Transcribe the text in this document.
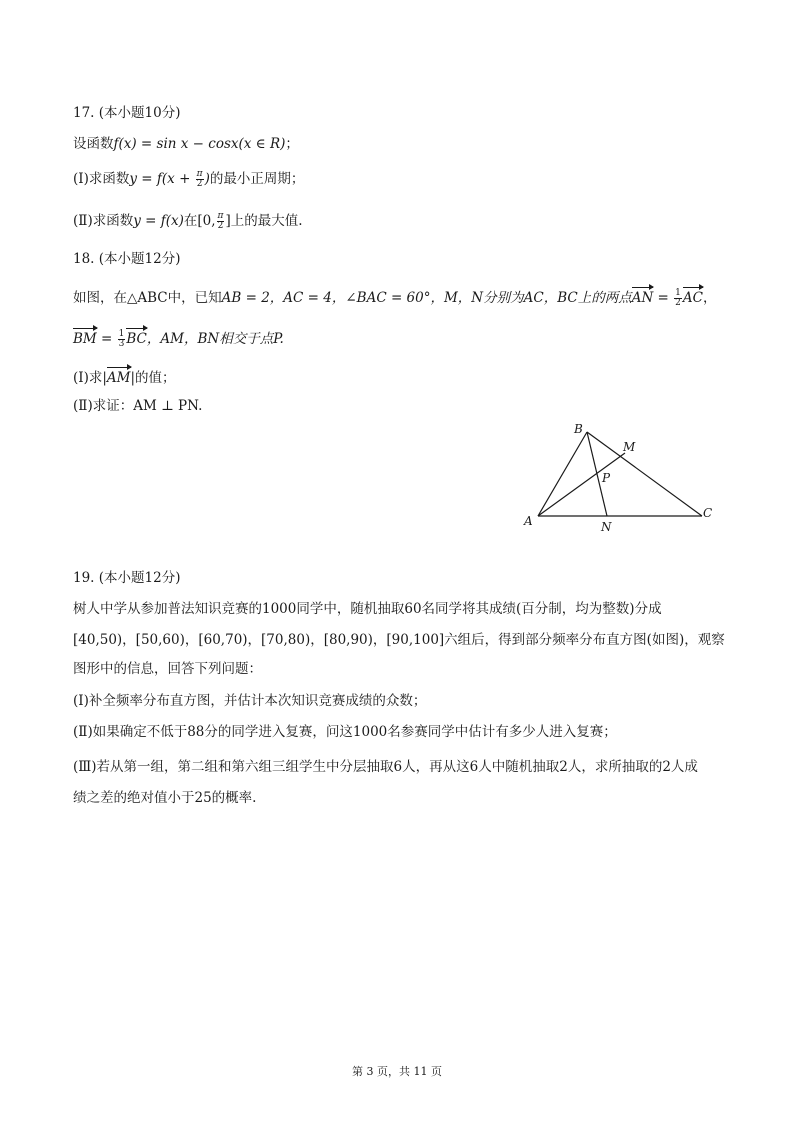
17. (本小题10分)
设函数f(x) = sin x − cosx(x ∈ R)；
(Ⅰ)求函数$y = f(x + \frac{\pi}{2}$ )的最小正周期；
(Ⅱ)求函数y = f(x)在[0, $\frac{\pi}{2}$ ]上的最大值.
18. (本小题12分)
如图，在△ABC中，已知AB = 2，AC = 4，∠BAC = 60°，M，N分别为AC，BC上的两点AN = $\frac{1}{2}$ AC，
BM = $\frac{1}{3}$ BC，AM，BN相交于点P.
(Ⅰ)求|AM|的值；
(Ⅱ)求证：AM ⊥ PN.
B
M
P
A	N
C
19. (本小题12分)
树人中学从参加普法知识竞赛的1000同学中，随机抽取60名同学将其成绩(百分制，均为整数)分成
[40,50)，[50,60)，[60,70)，[70,80)，[80,90)，[90,100]六组后，得到部分频率分布直方图(如图)，观察
图形中的信息，回答下列问题：
(Ⅰ)补全频率分布直方图，并估计本次知识竞赛成绩的众数；
(Ⅱ)如果确定不低于88分的同学进入复赛，问这1000名参赛同学中估计有多少人进入复赛；
(Ⅲ)若从第一组，第二组和第六组三组学生中分层抽取6人，再从这6人中随机抽取2人，求所抽取的2人成
绩之差的绝对值小于25的概率.
第 3 页，共 11 页
